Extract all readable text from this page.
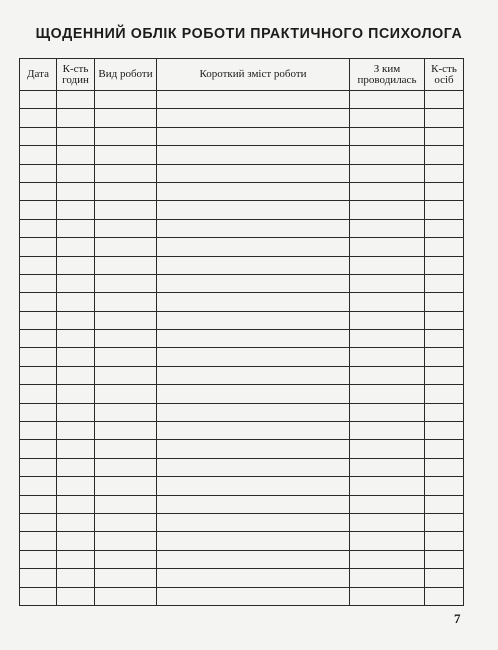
ЩОДЕННИЙ ОБЛІК РОБОТИ ПРАКТИЧНОГО ПСИХОЛОГА
Дата	К-сть годин	Вид роботи	Короткий зміст роботи	З ким проводилась	К-сть осіб

7
